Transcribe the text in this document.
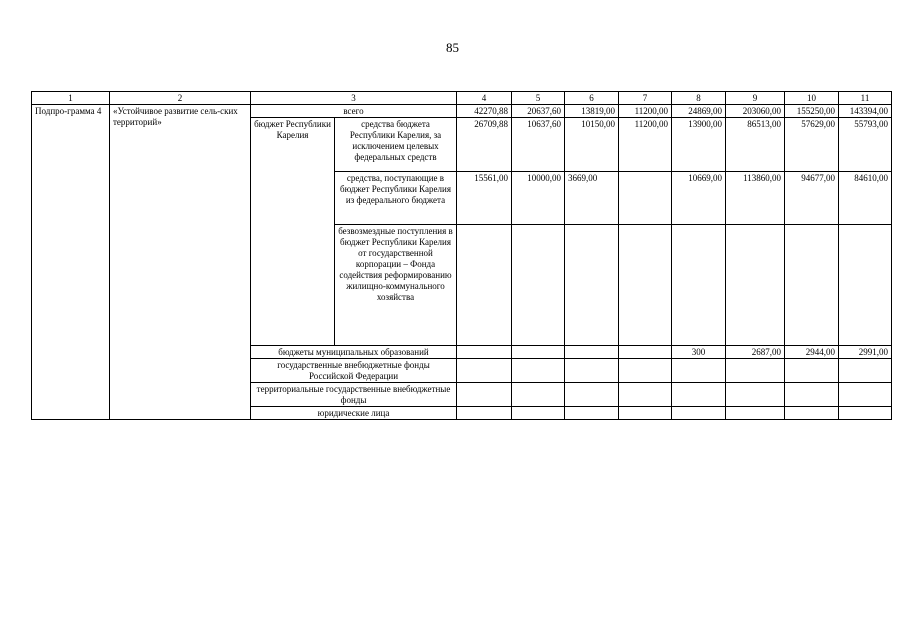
85
1	2	3		4	5	6	7	8	9	10	11
Подпро-грамма 4	«Устойчивое развитие сель-ских территорий»	всего		42270,88	20637,60	13819,00	11200,00	24869,00	203060,00	155250,00	143394,00
		бюджет Республики Карелия	средства бюджета Республики Карелия, за исключением целевых федеральных средств	26709,88	10637,60	10150,00	11200,00	13900,00	86513,00	57629,00	55793,00
			средства, поступающие в бюджет Республики Карелия из федерального бюджета	15561,00	10000,00	3669,00		10669,00	113860,00	94677,00	84610,00
			безвозмездные поступления в бюджет Республики Карелия от государственной корпорации – Фонда содействия реформированию жилищно-коммунального хозяйства								
		бюджеты муниципальных образований						300	2687,00	2944,00	2991,00
		государственные внебюджетные фонды Российской Федерации									
		территориальные государственные внебюджетные фонды									
		юридические лица									
